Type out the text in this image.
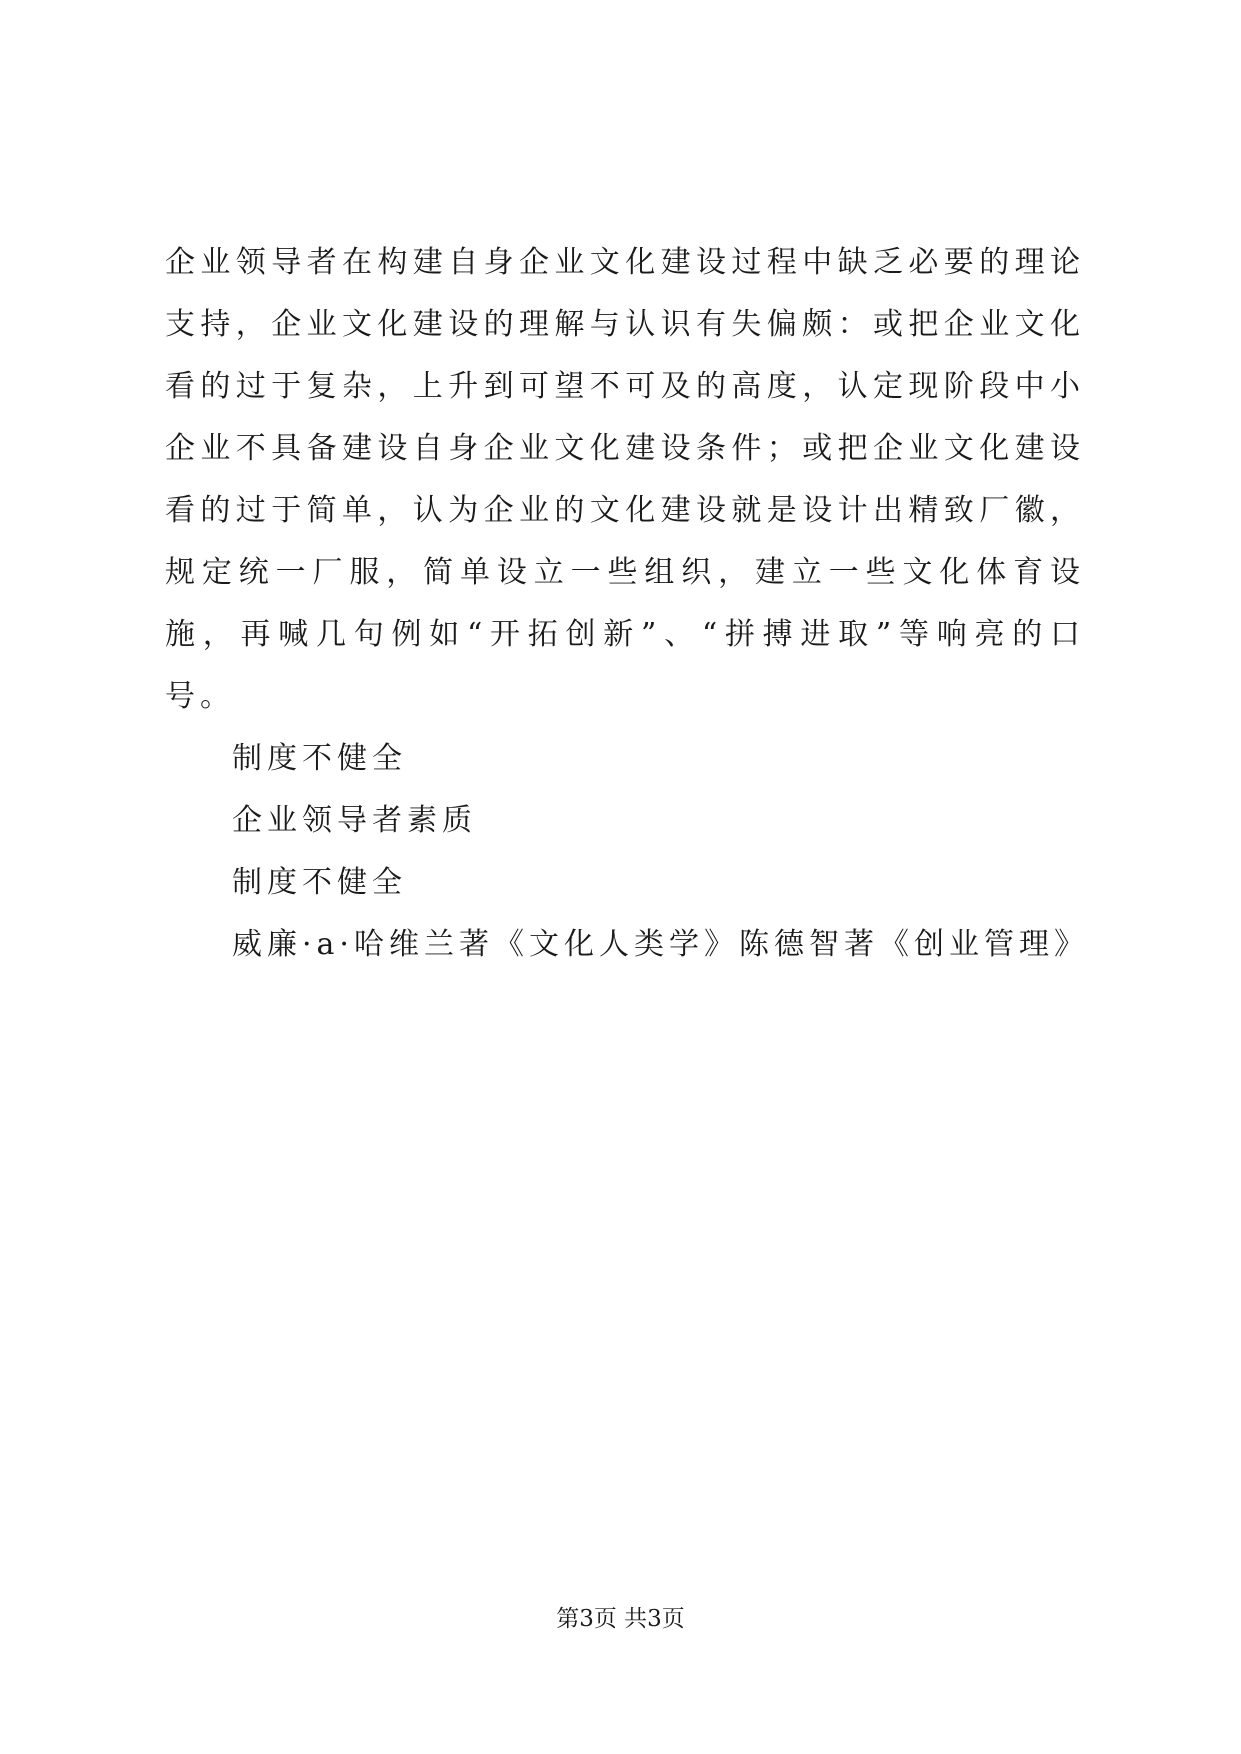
企业领导者在构建自身企业文化建设过程中缺乏必要的理论支持，企业文化建设的理解与认识有失偏颇：或把企业文化看的过于复杂，上升到可望不可及的高度，认定现阶段中小企业不具备建设自身企业文化建设条件；或把企业文化建设看的过于简单，认为企业的文化建设就是设计出精致厂徽，规定统一厂服，简单设立一些组织，建立一些文化体育设施，再喊几句例如“开拓创新”、“拼搏进取”等响亮的口号。

制度不健全

企业领导者素质

制度不健全

威廉·a·哈维兰著《文化人类学》陈德智著《创业管理》

第3页 共3页
